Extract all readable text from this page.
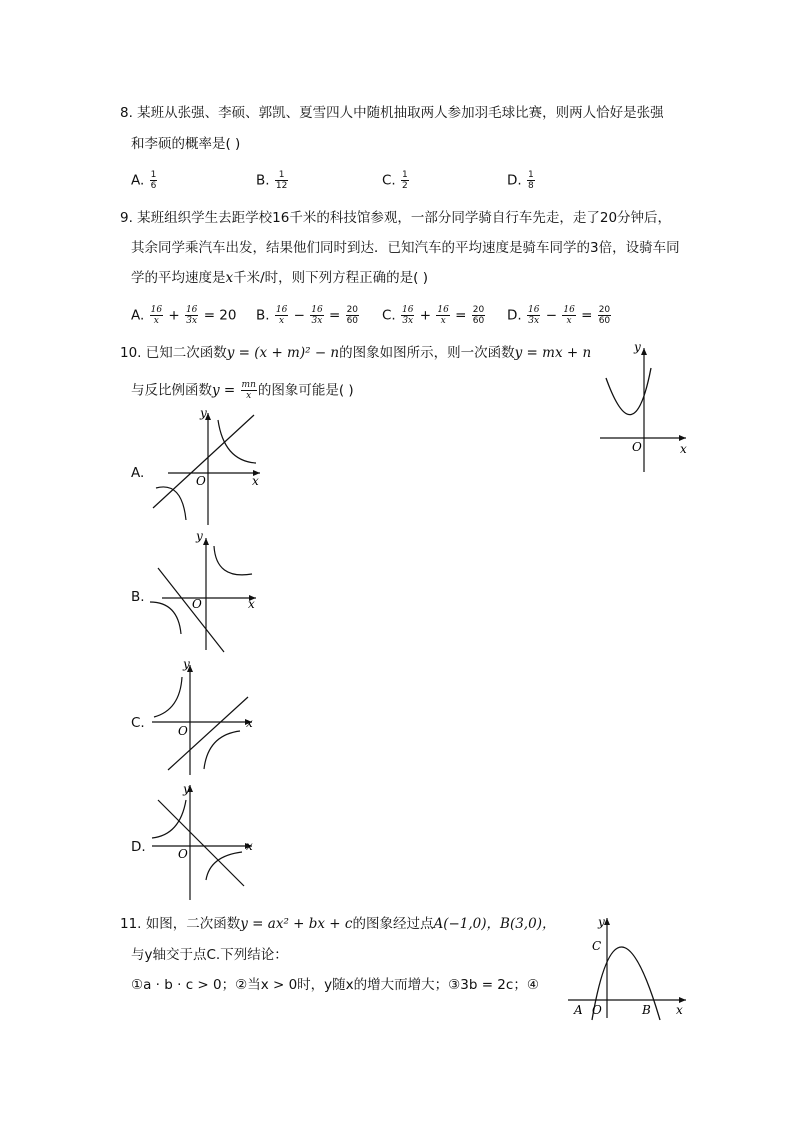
8. 某班从张强、李硕、郭凯、夏雪四人中随机抽取两人参加羽毛球比赛，则两人恰好是张强
和李硕的概率是( )
A. $\frac{1}{6}$	B. $\frac{1}{12}$	C. $\frac{1}{2}$	D. $\frac{1}{8}$
9. 某班组织学生去距学校16千米的科技馆参观，一部分同学骑自行车先走，走了20分钟后，
其余同学乘汽车出发，结果他们同时到达．已知汽车的平均速度是骑车同学的3倍，设骑车同
学的平均速度是x千米/时，则下列方程正确的是( )
A. $\frac{16}{x} + \frac{16}{3x} = 20$ B. $\frac{16}{x} - \frac{16}{3x} = \frac{20}{60} C$. $\frac{16}{3x} + \frac{16}{x} = \frac{20}{60} D$. $\frac{16}{3x} - \frac{16}{x} = \frac{20}{60}$
10. 已知二次函数y = (x + m)² − n的图象如图所示，则一次函数y = mx + n
与反比例函数$y = \frac{mn}{x}$ 的图象可能是( )
O	x
y
A.	O	x
y
B.	O	x
y
C.	O
x
y
D.	O
x
y
11. 如图，二次函数y = ax² + bx + c的图象经过点A(−1,0)，B(3,0)，
与y轴交于点C.下列结论：
①a · b · c > 0；②当x > 0时，y随x的增大而增大；③3b = 2c；④
A O	B
C
y
x
